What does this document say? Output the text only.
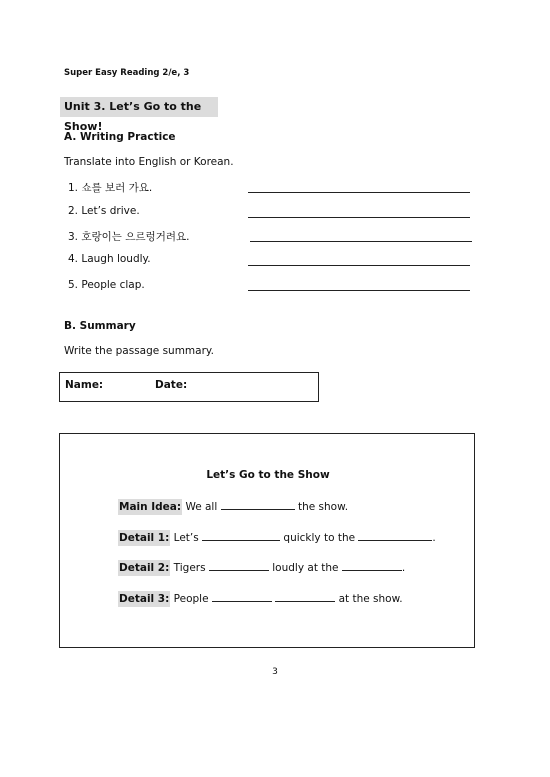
Super Easy Reading 2/e, 3
Unit 3. Let’s Go to the Show!
A. Writing Practice
Translate into English or Korean.
1. 쇼를 보러 가요.
2. Let’s drive.
3. 호랑이는 으르렁거려요.
4. Laugh loudly.
5. People clap.
B. Summary
Write the passage summary.
Name:	Date:
Let’s Go to the Show
Main Idea: We all	the show.
Detail 1: Let’s	quickly to the	.
Detail 2: Tigers	loudly at the	.
Detail 3: People	at the show.
3
